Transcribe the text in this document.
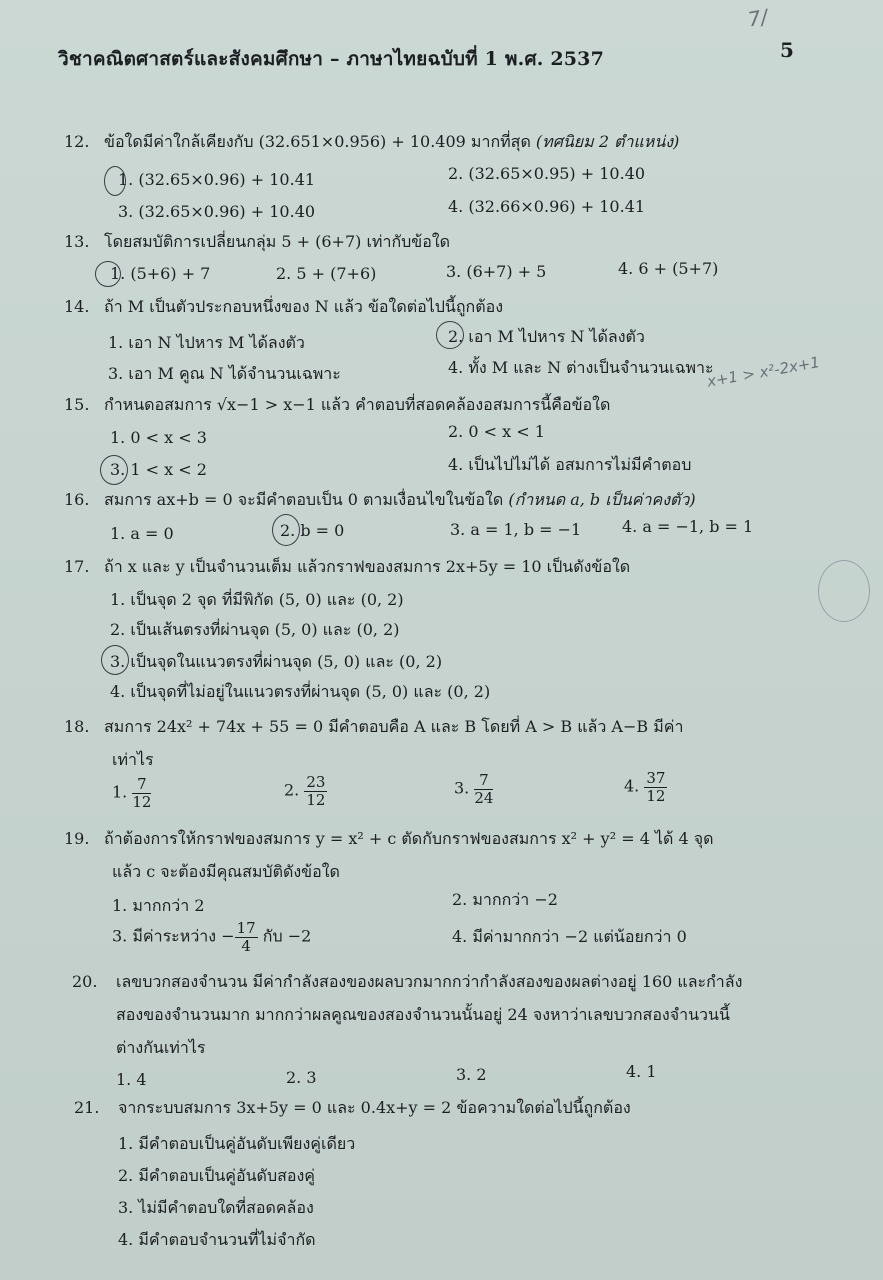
วิชาคณิตศาสตร์และสังคมศึกษา – ภาษาไทยฉบับที่ 1 พ.ศ. 2537	5
7/
12. ข้อใดมีค่าใกล้เคียงกับ (32.651×0.956) + 10.409 มากที่สุด (ทศนิยม 2 ตำแหน่ง)
1. (32.65×0.96) + 10.41	2. (32.65×0.95) + 10.40
3. (32.65×0.96) + 10.40	4. (32.66×0.96) + 10.41
13. โดยสมบัติการเปลี่ยนกลุ่ม 5 + (6+7) เท่ากับข้อใด
1. (5+6) + 7	2. 5 + (7+6)	3. (6+7) + 5	4. 6 + (5+7)
14. ถ้า M เป็นตัวประกอบหนึ่งของ N แล้ว ข้อใดต่อไปนี้ถูกต้อง
1. เอา N ไปหาร M ได้ลงตัว	2. เอา M ไปหาร N ได้ลงตัว
3. เอา M คูณ N ได้จำนวนเฉพาะ	4. ทั้ง M และ N ต่างเป็นจำนวนเฉพาะ
x+1 > x²-2x+1
15. กำหนดอสมการ √x−1 > x−1 แล้ว คำตอบที่สอดคล้องอสมการนี้คือข้อใด
1. 0 < x < 3	2. 0 < x < 1
3. 1 < x < 2	4. เป็นไปไม่ได้ อสมการไม่มีคำตอบ
16. สมการ ax+b = 0 จะมีคำตอบเป็น 0 ตามเงื่อนไขในข้อใด (กำหนด a, b เป็นค่าคงตัว)
1. a = 0	2. b = 0	3. a = 1, b = −1	4. a = −1, b = 1
17. ถ้า x และ y เป็นจำนวนเต็ม แล้วกราฟของสมการ 2x+5y = 10 เป็นดังข้อใด
1. เป็นจุด 2 จุด ที่มีพิกัด (5, 0) และ (0, 2)
2. เป็นเส้นตรงที่ผ่านจุด (5, 0) และ (0, 2)
3. เป็นจุดในแนวตรงที่ผ่านจุด (5, 0) และ (0, 2)
4. เป็นจุดที่ไม่อยู่ในแนวตรงที่ผ่านจุด (5, 0) และ (0, 2)
18. สมการ 24x² + 74x + 55 = 0 มีคำตอบคือ A และ B โดยที่ A > B แล้ว A−B มีค่า
เท่าไร
1. $\frac{7}{12}$	2. $\frac{23}{12}$	3. $\frac{7}{24}$	4. $\frac{37}{12}$
19. ถ้าต้องการให้กราฟของสมการ y = x² + c ตัดกับกราฟของสมการ x² + y² = 4 ได้ 4 จุด
แล้ว c จะต้องมีคุณสมบัติดังข้อใด
1. มากกว่า 2	2. มากกว่า −2
3. มีค่าระหว่าง − $\frac{17}{4}$ กับ −2	4. มีค่ามากกว่า −2 แต่น้อยกว่า 0
20. เลขบวกสองจำนวน มีค่ากำลังสองของผลบวกมากกว่ากำลังสองของผลต่างอยู่ 160 และกำลัง
สองของจำนวนมาก มากกว่าผลคูณของสองจำนวนนั้นอยู่ 24 จงหาว่าเลขบวกสองจำนวนนี้
ต่างกันเท่าไร
1. 4	2. 3	3. 2	4. 1
21. จากระบบสมการ 3x+5y = 0 และ 0.4x+y = 2 ข้อความใดต่อไปนี้ถูกต้อง
1. มีคำตอบเป็นคู่อันดับเพียงคู่เดียว
2. มีคำตอบเป็นคู่อันดับสองคู่
3. ไม่มีคำตอบใดที่สอดคล้อง
4. มีคำตอบจำนวนที่ไม่จำกัด
